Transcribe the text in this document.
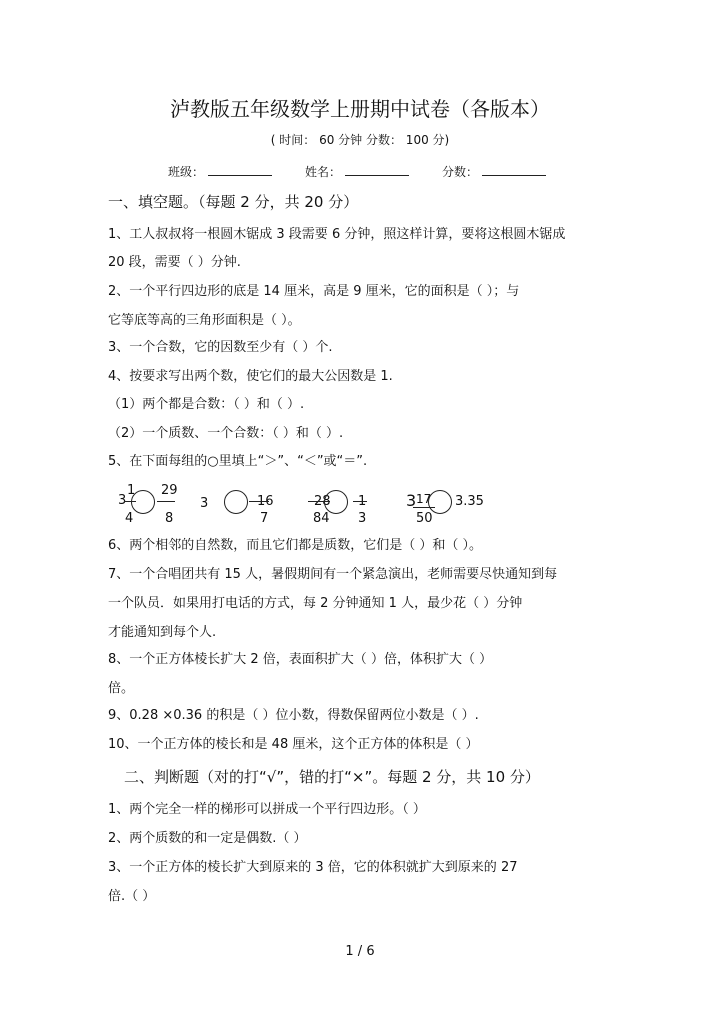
泸教版五年级数学上册期中试卷（各版本）
( 时间： 60 分钟 分数： 100 分)
班级：	姓名：	分数：
一、填空题。（每题 2 分，共 20 分）
1、工人叔叔将一根圆木锯成 3 段需要 6 分钟，照这样计算，要将这根圆木锯成
20 段，需要（ ）分钟.
2、一个平行四边形的底是 14 厘米，高是 9 厘米，它的面积是（ ）；与
它等底等高的三角形面积是（ ）。
3、一个合数，它的因数至少有（ ）个.
4、按要求写出两个数，使它们的最大公因数是 1.
（1）两个都是合数：（ ）和（ ）.
（2）一个质数、一个合数：（ ）和（ ）.
5、在下面每组的○里填上“＞”、“＜”或“＝”.
3
1
4
29
8
3	16
7
28
84
1
3
3 17
50
3.35
6、两个相邻的自然数，而且它们都是质数，它们是（ ）和（ ）。
7、一个合唱团共有 15 人，暑假期间有一个紧急演出，老师需要尽快通知到每
一个队员．如果用打电话的方式，每 2 分钟通知 1 人，最少花（ ）分钟
才能通知到每个人.
8、一个正方体棱长扩大 2 倍，表面积扩大（ ）倍，体积扩大（ ）
倍。
9、0.28 ×0.36 的积是（ ）位小数，得数保留两位小数是（ ）.
10、一个正方体的棱长和是 48 厘米，这个正方体的体积是（ ）
二、判断题（对的打“√”，错的打“×”。每题 2 分，共 10 分）
1、两个完全一样的梯形可以拼成一个平行四边形。（ ）
2、两个质数的和一定是偶数.（ ）
3、一个正方体的棱长扩大到原来的 3 倍，它的体积就扩大到原来的 27
倍.（ ）
1 / 6
